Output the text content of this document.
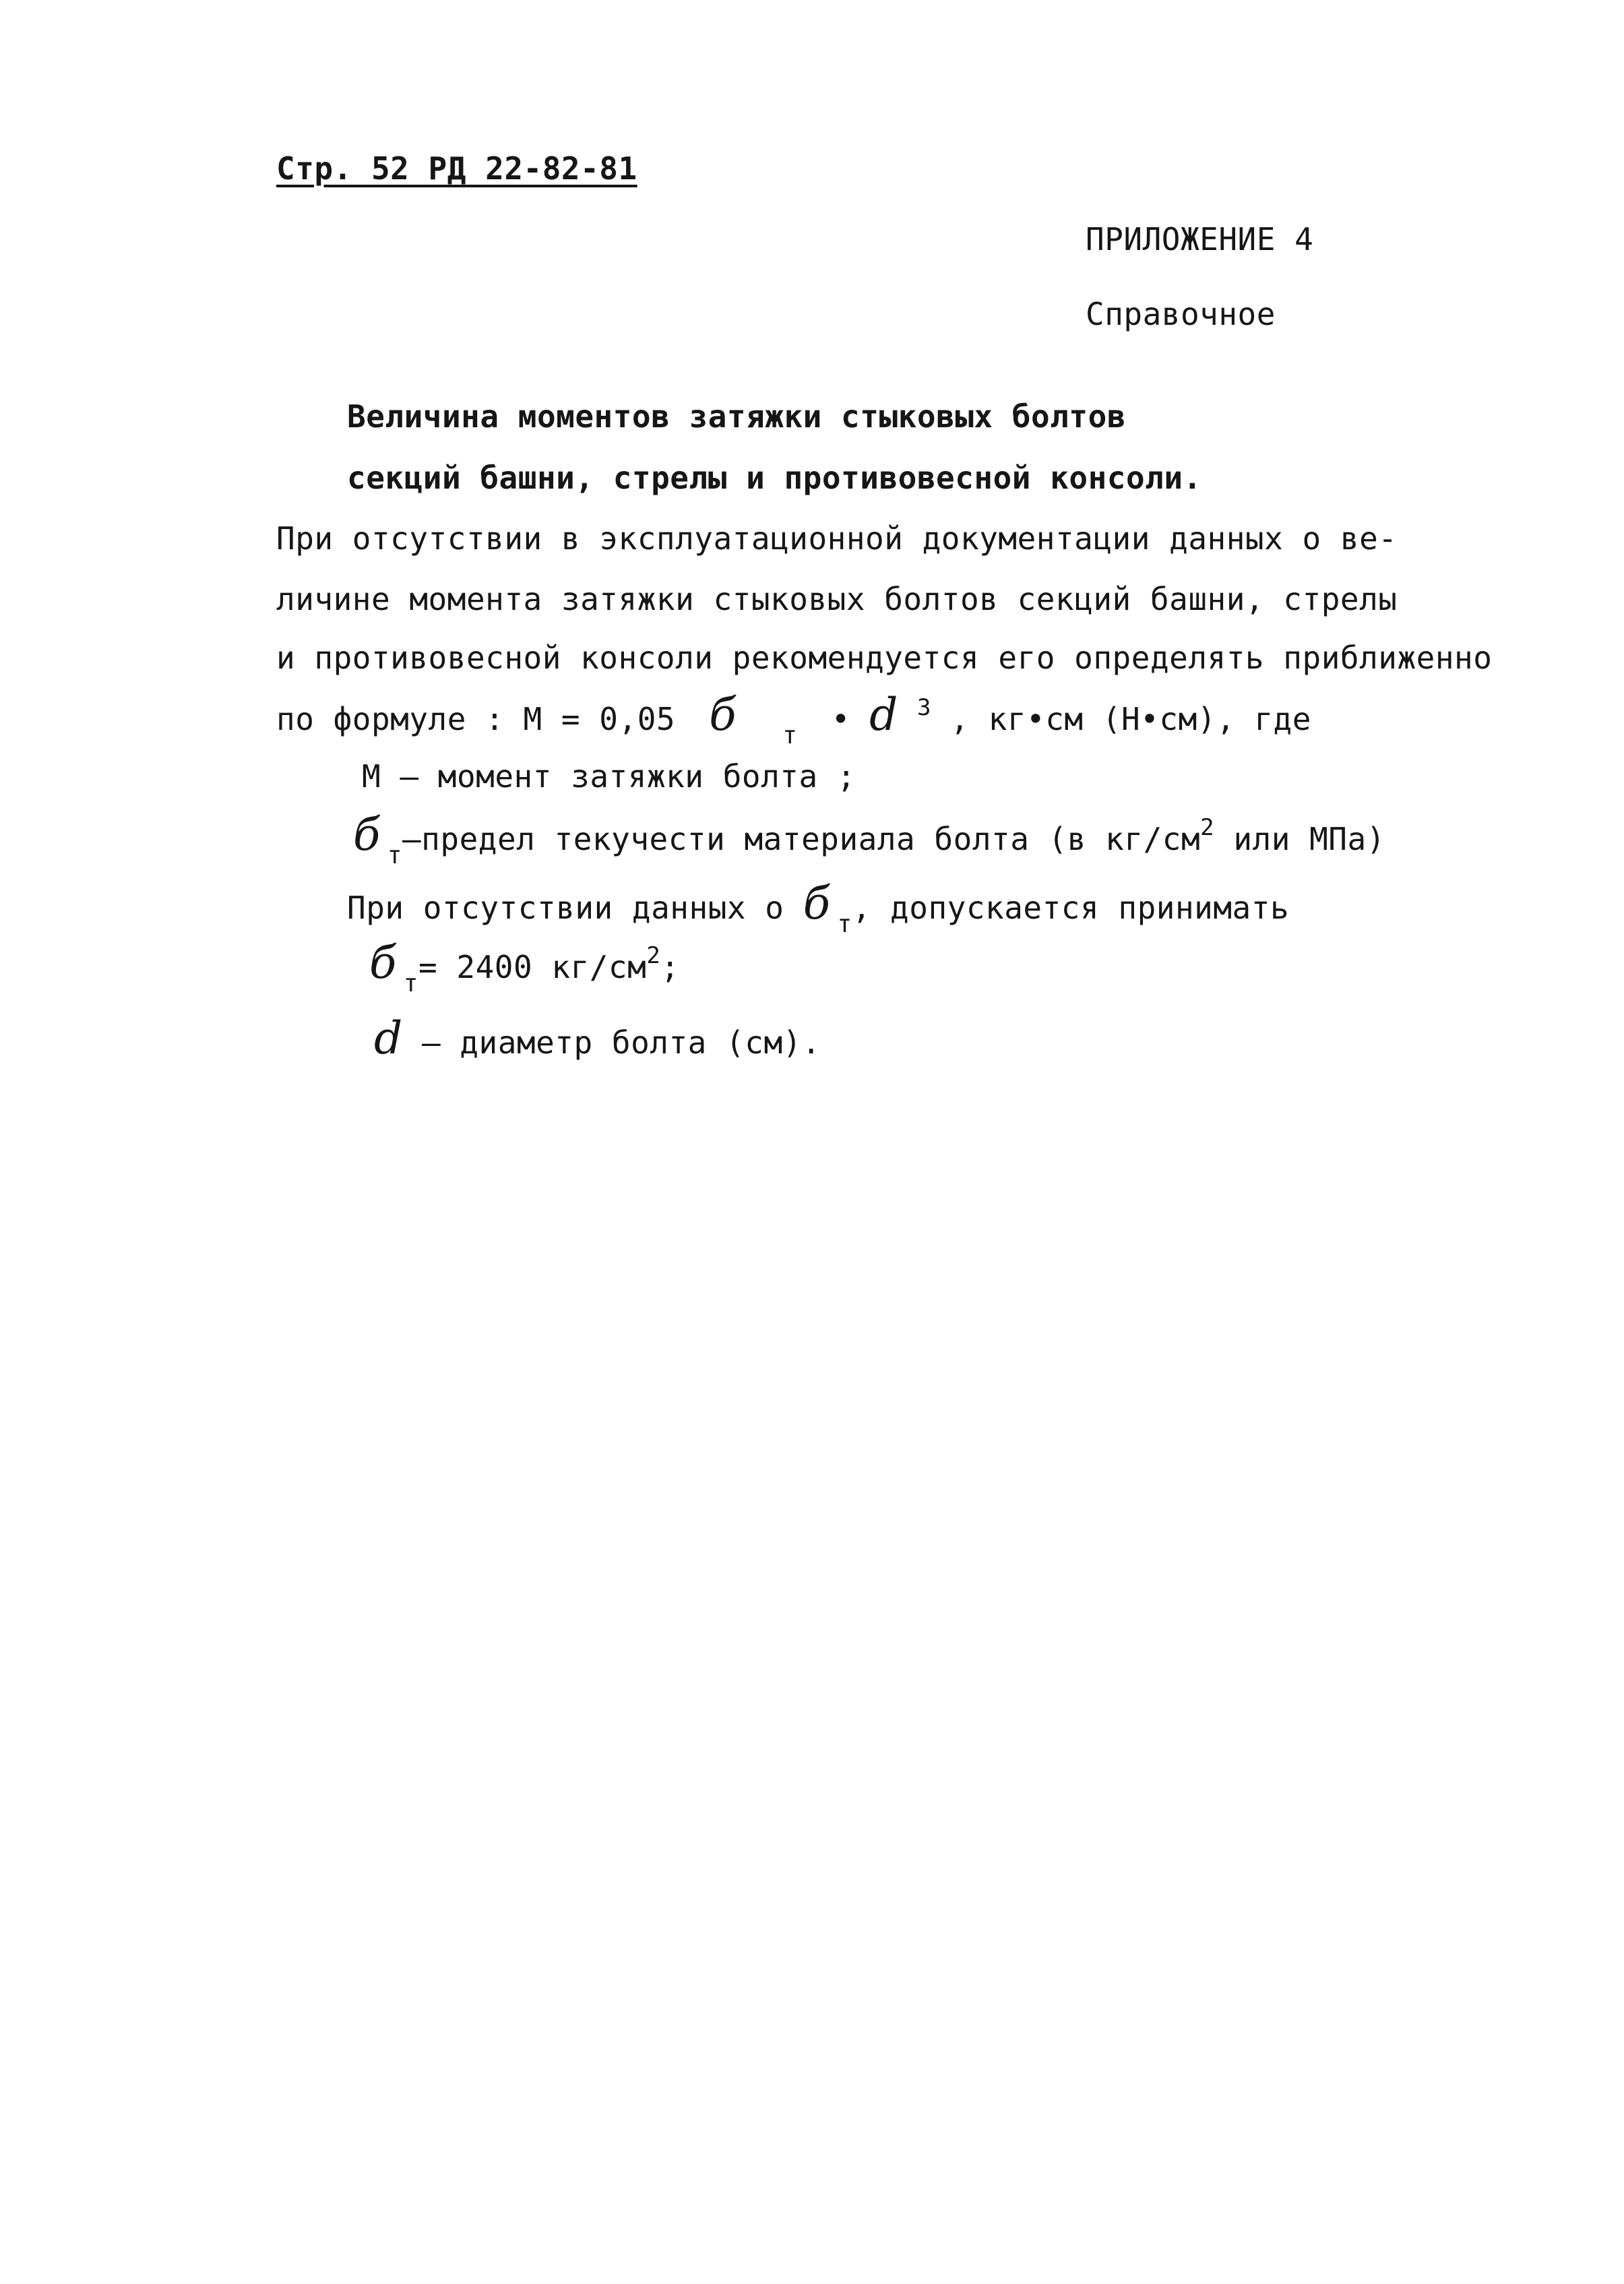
Стр. 52 РД 22-82-81
ПРИЛОЖЕНИЕ 4
Справочное
Величина моментов затяжки стыковых болтов
секций башни, стрелы и противовесной консоли.
При отсутствии в эксплуатационной документации данных о ве-
личине момента затяжки стыковых болтов секций башни, стрелы
и противовесной консоли рекомендуется его определять приближенно
по формуле : М = 0,05 б $_т$ • d $^3$ , кг•см (Н•см), где
М – момент затяжки болта ;
б $_т$–предел текучести материала болта (в $кг/см^2$ или МПа)
При отсутствии данных о б $_т$, допускается принимать
б $_т$= 2400 $кг/см^2$;
d – диаметр болта (см).
